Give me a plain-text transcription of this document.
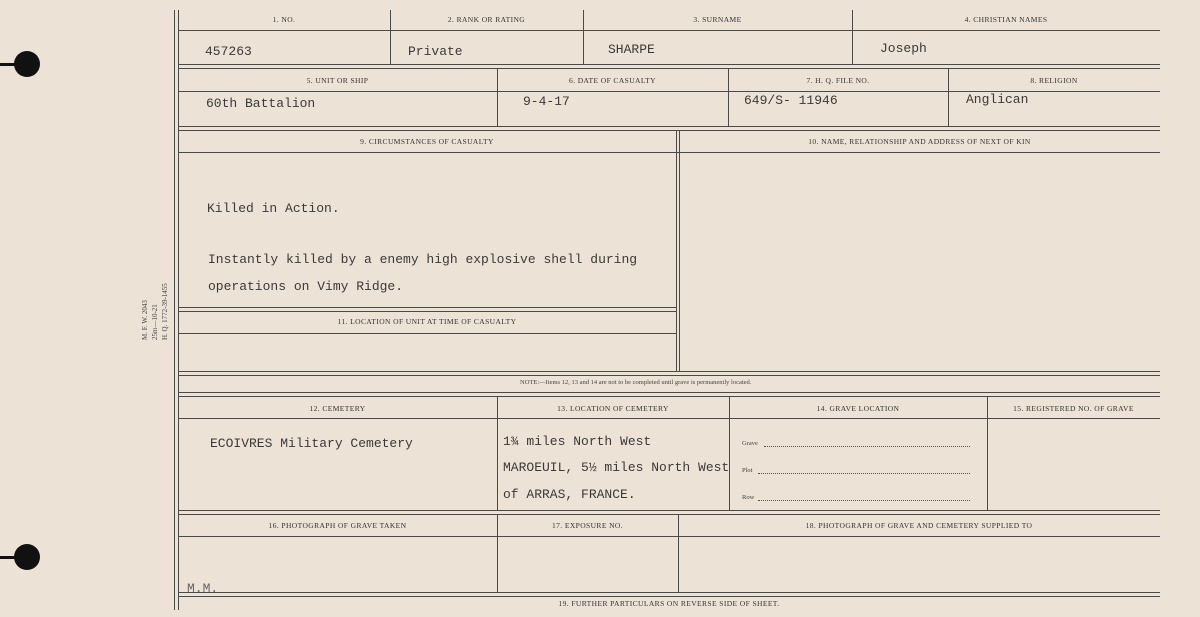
M. F. W. 2043 25m—10-21 H. Q. 1772-39-1455
1. NO.	2. RANK OR RATING	3. SURNAME	4. CHRISTIAN NAMES
457263	Private	SHARPE	Joseph
5. UNIT OR SHIP	6. DATE OF CASUALTY	7. H. Q. FILE NO.	8. RELIGION
60th Battalion	9-4-17	649/S- 11946	Anglican
9. CIRCUMSTANCES OF CASUALTY	10. NAME, RELATIONSHIP AND ADDRESS OF NEXT OF KIN
Killed in Action.
Instantly killed by a enemy high explosive shell during
operations on Vimy Ridge.
11. LOCATION OF UNIT AT TIME OF CASUALTY
NOTE:—Items 12, 13 and 14 are not to be completed until grave is permanently located.
12. CEMETERY	13. LOCATION OF CEMETERY	14. GRAVE LOCATION	15. REGISTERED NO. OF GRAVE
ECOIVRES Military Cemetery	1¾ miles North West
MAROEUIL, 5½ miles North West
of ARRAS, FRANCE.
Grave
Plot
Row
16. PHOTOGRAPH OF GRAVE TAKEN	17. EXPOSURE NO.	18. PHOTOGRAPH OF GRAVE AND CEMETERY SUPPLIED TO
M.M.
19. FURTHER PARTICULARS ON REVERSE SIDE OF SHEET.
